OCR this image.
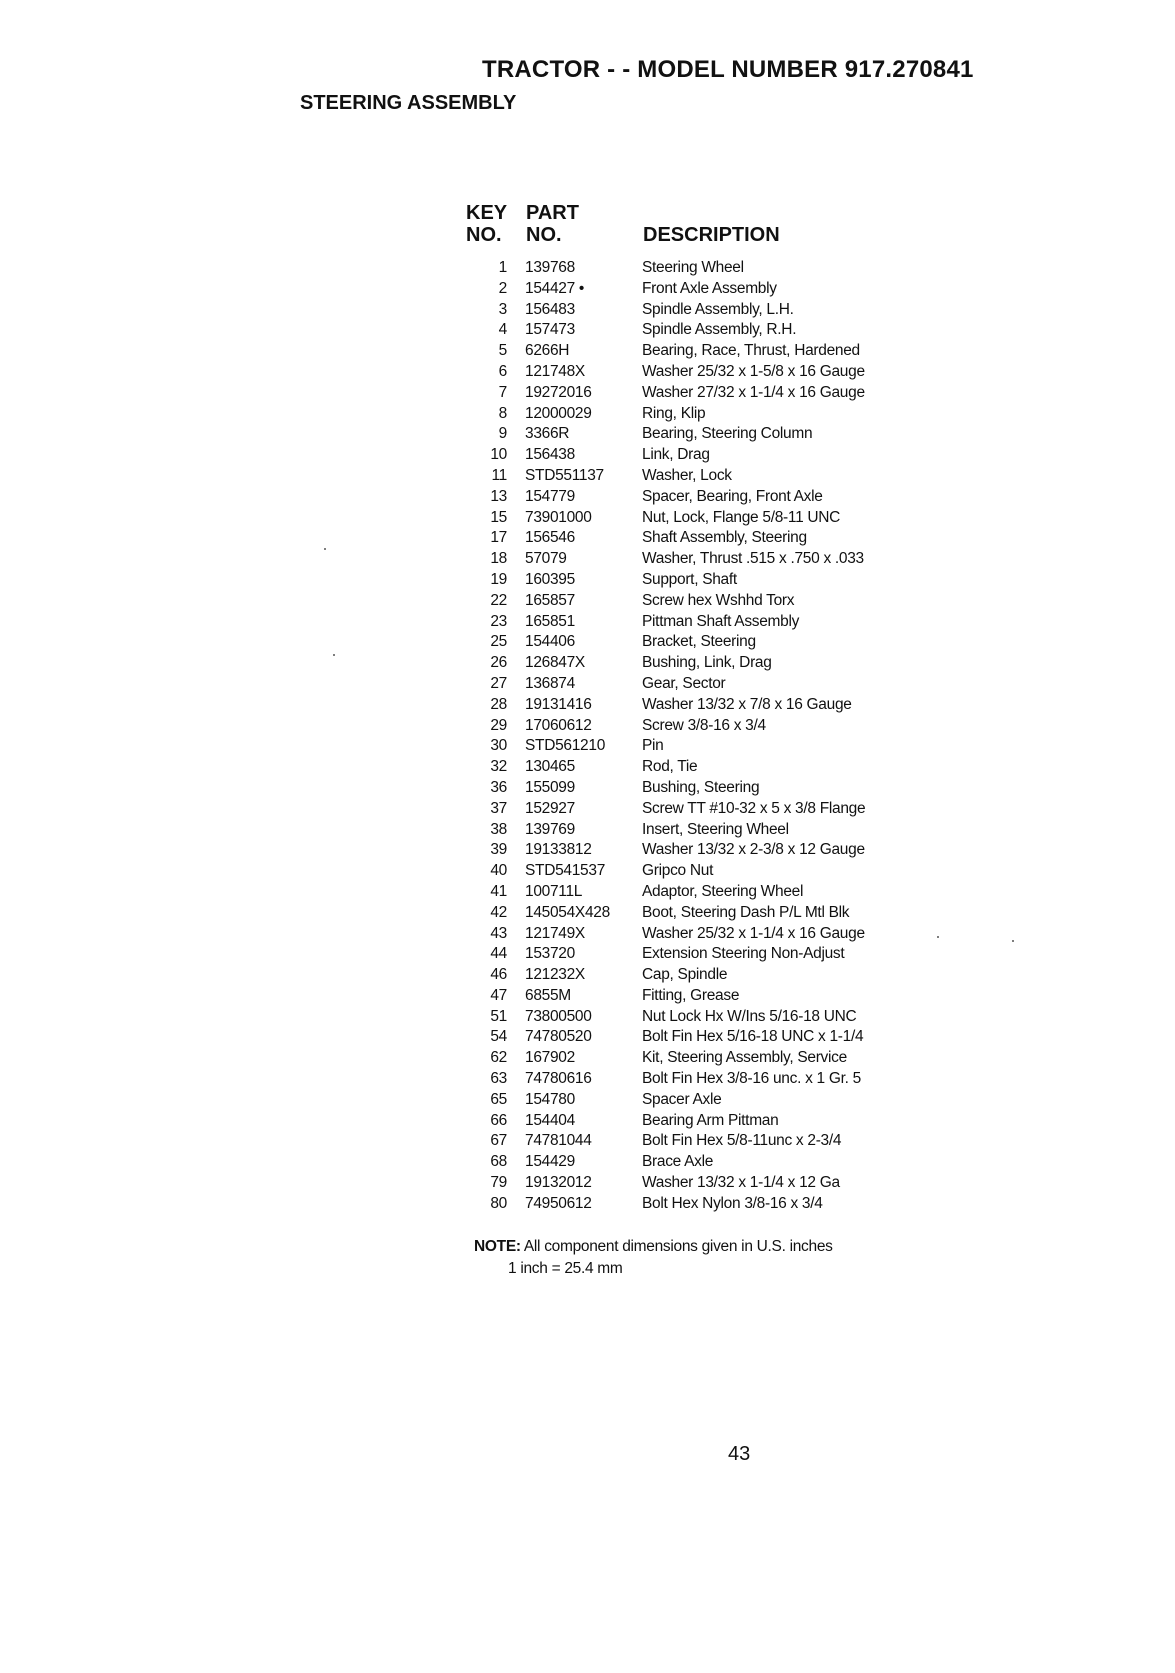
TRACTOR - - MODEL NUMBER 917.270841
STEERING ASSEMBLY
KEY
NO.
PART
NO.	DESCRIPTION
1 139768	Steering Wheel
2 154427 •	Front Axle Assembly
3 156483	Spindle Assembly, L.H.
4 157473	Spindle Assembly, R.H.
5 6266H	Bearing, Race, Thrust, Hardened
6 121748X	Washer 25/32 x 1-5/8 x 16 Gauge
7 19272016	Washer 27/32 x 1-1/4 x 16 Gauge
8 12000029	Ring, Klip
9 3366R	Bearing, Steering Column
10 156438	Link, Drag
11 STD551137 Washer, Lock
13 154779	Spacer, Bearing, Front Axle
15 73901000	Nut, Lock, Flange 5/8-11 UNC
17 156546	Shaft Assembly, Steering
18 57079	Washer, Thrust .515 x .750 x .033
19 160395	Support, Shaft
22 165857	Screw hex Wshhd Torx
23 165851	Pittman Shaft Assembly
25 154406	Bracket, Steering
26 126847X	Bushing, Link, Drag
27 136874	Gear, Sector
28 19131416	Washer 13/32 x 7/8 x 16 Gauge
29 17060612	Screw 3/8-16 x 3/4
30 STD561210 Pin
32 130465	Rod, Tie
36 155099	Bushing, Steering
37 152927	Screw TT #10-32 x 5 x 3/8 Flange
38 139769	Insert, Steering Wheel
39 19133812	Washer 13/32 x 2-3/8 x 12 Gauge
40 STD541537 Gripco Nut
41 100711L	Adaptor, Steering Wheel
42 145054X428 Boot, Steering Dash P/L Mtl Blk
43 121749X	Washer 25/32 x 1-1/4 x 16 Gauge
44 153720	Extension Steering Non-Adjust
46 121232X	Cap, Spindle
47 6855M	Fitting, Grease
51 73800500	Nut Lock Hx W/Ins 5/16-18 UNC
54 74780520	Bolt Fin Hex 5/16-18 UNC x 1-1/4
62 167902	Kit, Steering Assembly, Service
63 74780616	Bolt Fin Hex 3/8-16 unc. x 1 Gr. 5
65 154780	Spacer Axle
66 154404	Bearing Arm Pittman
67 74781044	Bolt Fin Hex 5/8-11unc x 2-3/4
68 154429	Brace Axle
79 19132012	Washer 13/32 x 1-1/4 x 12 Ga
80 74950612	Bolt Hex Nylon 3/8-16 x 3/4
NOTE: All component dimensions given in U.S. inches
1 inch = 25.4 mm
43
